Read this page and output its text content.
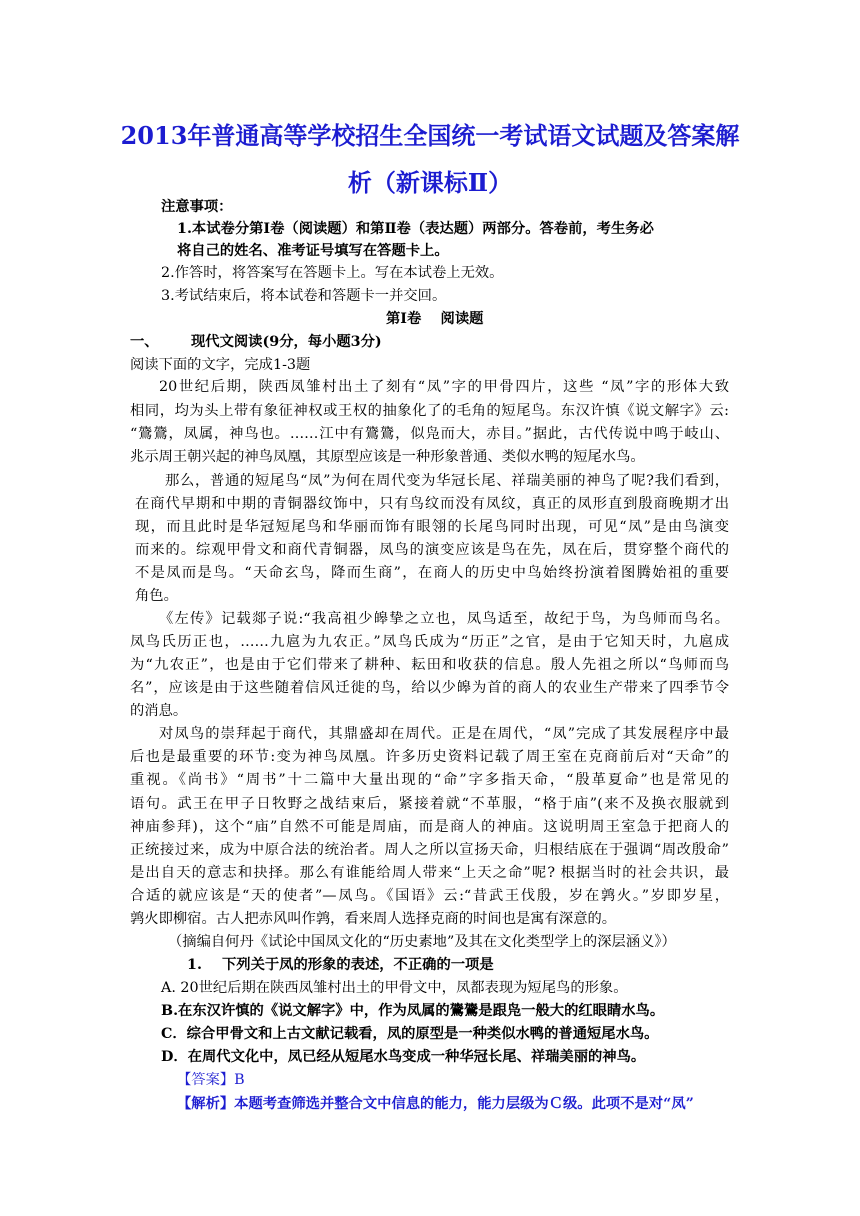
2013年普通高等学校招生全国统一考试语文试题及答案解
析（新课标Ⅱ）
注意事项：
1.本试卷分第Ⅰ卷（阅读题）和第Ⅱ卷（表达题）两部分。答卷前，考生务必
将自己的姓名、准考证号填写在答题卡上。
2.作答时，将答案写在答题卡上。写在本试卷上无效。
3.考试结束后，将本试卷和答题卡一并交回。
第Ⅰ卷　 阅读题
一、 现代文阅读(9分，每小题3分)
阅读下面的文字，完成1-3题
20世纪后期，陕西凤雏村出土了刻有“凤”字的甲骨四片，这些 “凤”字的形体大致
相同，均为头上带有象征神权或王权的抽象化了的毛角的短尾鸟。东汉许慎《说文解字》云:
“鷟鷟，凤属，神鸟也。……江中有鷟鷟，似凫而大，赤目。”据此，古代传说中鸣于岐山、
兆示周王朝兴起的神鸟凤凰，其原型应该是一种形象普通、类似水鸭的短尾水鸟。
那么，普通的短尾鸟“凤”为何在周代变为华冠长尾、祥瑞美丽的神鸟了呢?我们看到，
在商代早期和中期的青铜器纹饰中，只有鸟纹而没有凤纹，真正的凤形直到殷商晚期才出
现，而且此时是华冠短尾鸟和华丽而饰有眼翎的长尾鸟同时出现，可见“凤”是由鸟演变
而来的。综观甲骨文和商代青铜器，凤鸟的演变应该是鸟在先，凤在后，贯穿整个商代的
不是凤而是鸟。“天命玄鸟，降而生商”，在商人的历史中鸟始终扮演着图腾始祖的重要
角色。
《左传》记载郯子说:“我高祖少皞挚之立也，凤鸟适至，故纪于鸟，为鸟师而鸟名。
凤鸟氏历正也，……九扈为九农正。”凤鸟氏成为“历正”之官，是由于它知天时，九扈成
为“九农正”，也是由于它们带来了耕种、耘田和收获的信息。殷人先祖之所以“鸟师而鸟
名”，应该是由于这些随着信风迁徙的鸟，给以少皞为首的商人的农业生产带来了四季节令
的消息。
对凤鸟的崇拜起于商代，其鼎盛却在周代。正是在周代，“凤”完成了其发展程序中最
后也是最重要的环节:变为神鸟凤凰。许多历史资料记载了周王室在克商前后对“天命”的
重视。《尚书》“周书”十二篇中大量出现的“命”字多指天命，“殷革夏命”也是常见的
语句。武王在甲子日牧野之战结束后，紧接着就“不革服，“格于庙”(来不及换衣服就到
神庙参拜)，这个“庙”自然不可能是周庙，而是商人的神庙。这说明周王室急于把商人的
正统接过来，成为中原合法的统治者。周人之所以宣扬天命，归根结底在于强调“周改殷命”
是出自天的意志和抉择。那么有谁能给周人带来“上天之命”呢? 根据当时的社会共识，最
合适的就应该是“天的使者”—凤鸟。《国语》云:“昔武王伐殷，岁在鹑火。”岁即岁星，
鹑火即柳宿。古人把赤风叫作鹑，看来周人选择克商的时间也是寓有深意的。
（摘编自何丹《试论中国凤文化的“历史素地”及其在文化类型学上的深层涵义》）
1. 下列关于凤的形象的表述，不正确的一项是
A. 20世纪后期在陕西凤雏村出土的甲骨文中，凤都表现为短尾鸟的形象。
B.在东汉许慎的《说文解字》中，作为凤属的鷟鷟是跟凫一般大的红眼睛水鸟。
C．综合甲骨文和上古文献记载看，凤的原型是一种类似水鸭的普通短尾水鸟。
D．在周代文化中，凤已经从短尾水鸟变成一种华冠长尾、祥瑞美丽的神鸟。
【答案】B
【解析】本题考查筛选并整合文中信息的能力，能力层级为Ｃ级。此项不是对“凤”
